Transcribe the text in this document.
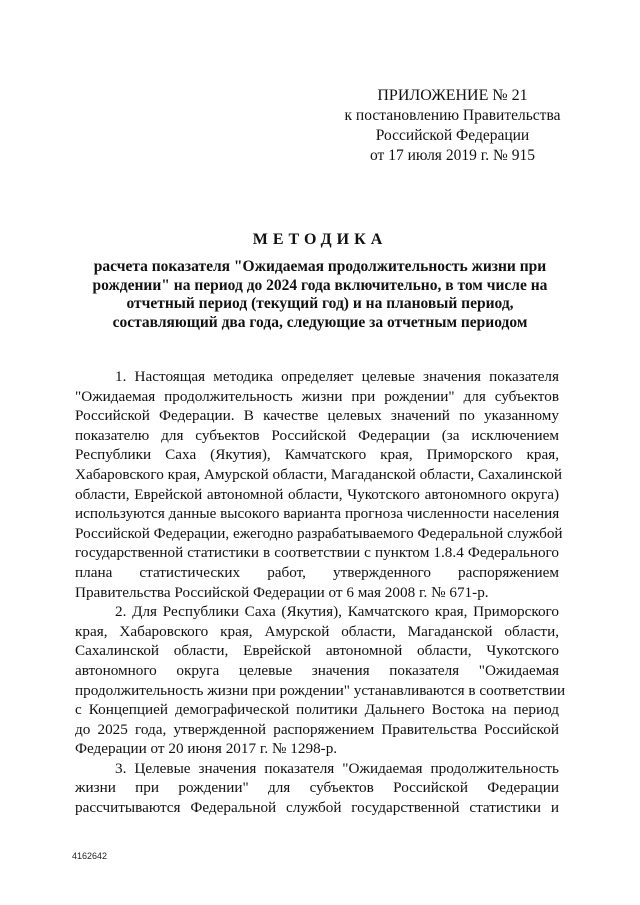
ПРИЛОЖЕНИЕ № 21
к постановлению Правительства
Российской Федерации
от 17 июля 2019 г. № 915
МЕТОДИКА
расчета показателя "Ожидаемая продолжительность жизни при
рождении" на период до 2024 года включительно, в том числе на
отчетный период (текущий год) и на плановый период,
составляющий два года, следующие за отчетным периодом
1. Настоящая методика определяет целевые значения показателя
"Ожидаемая продолжительность жизни при рождении" для субъектов
Российской Федерации. В качестве целевых значений по указанному
показателю для субъектов Российской Федерации (за исключением
Республики Саха (Якутия), Камчатского края, Приморского края,
Хабаровского края, Амурской области, Магаданской области, Сахалинской
области, Еврейской автономной области, Чукотского автономного округа)
используются данные высокого варианта прогноза численности населения
Российской Федерации, ежегодно разрабатываемого Федеральной службой
государственной статистики в соответствии с пунктом 1.8.4 Федерального
плана статистических работ, утвержденного распоряжением
Правительства Российской Федерации от 6 мая 2008 г. № 671-р.
2. Для Республики Саха (Якутия), Камчатского края, Приморского
края, Хабаровского края, Амурской области, Магаданской области,
Сахалинской области, Еврейской автономной области, Чукотского
автономного округа целевые значения показателя "Ожидаемая
продолжительность жизни при рождении" устанавливаются в соответствии
с Концепцией демографической политики Дальнего Востока на период
до 2025 года, утвержденной распоряжением Правительства Российской
Федерации от 20 июня 2017 г. № 1298-р.
3. Целевые значения показателя "Ожидаемая продолжительность
жизни при рождении" для субъектов Российской Федерации
рассчитываются Федеральной службой государственной статистики и
4162642
